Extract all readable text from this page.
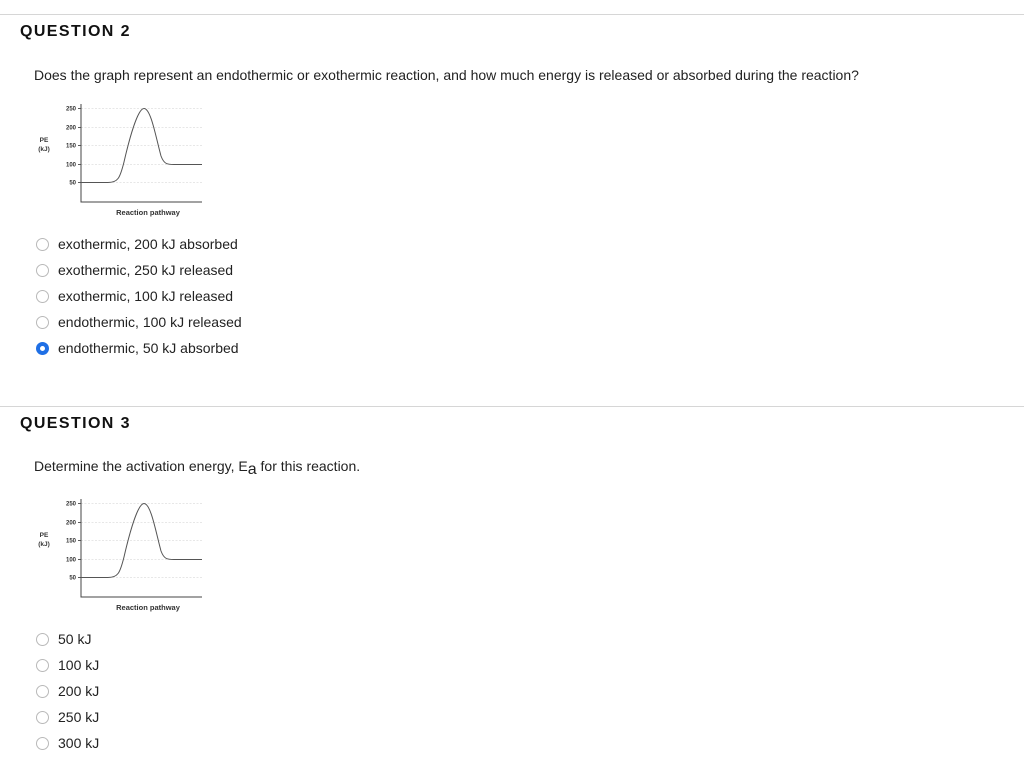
QUESTION 2
Does the graph represent an endothermic or exothermic reaction, and how much energy is released or absorbed during the reaction?
PE
(kJ)
250
200
150
100
50
Reaction pathway
exothermic, 200 kJ absorbed
exothermic, 250 kJ released
exothermic, 100 kJ released
endothermic, 100 kJ released
endothermic, 50 kJ absorbed
QUESTION 3
Determine the activation energy, Ea for this reaction.
PE
(kJ)
250
200
150
100
50
Reaction pathway
50 kJ
100 kJ
200 kJ
250 kJ
300 kJ
